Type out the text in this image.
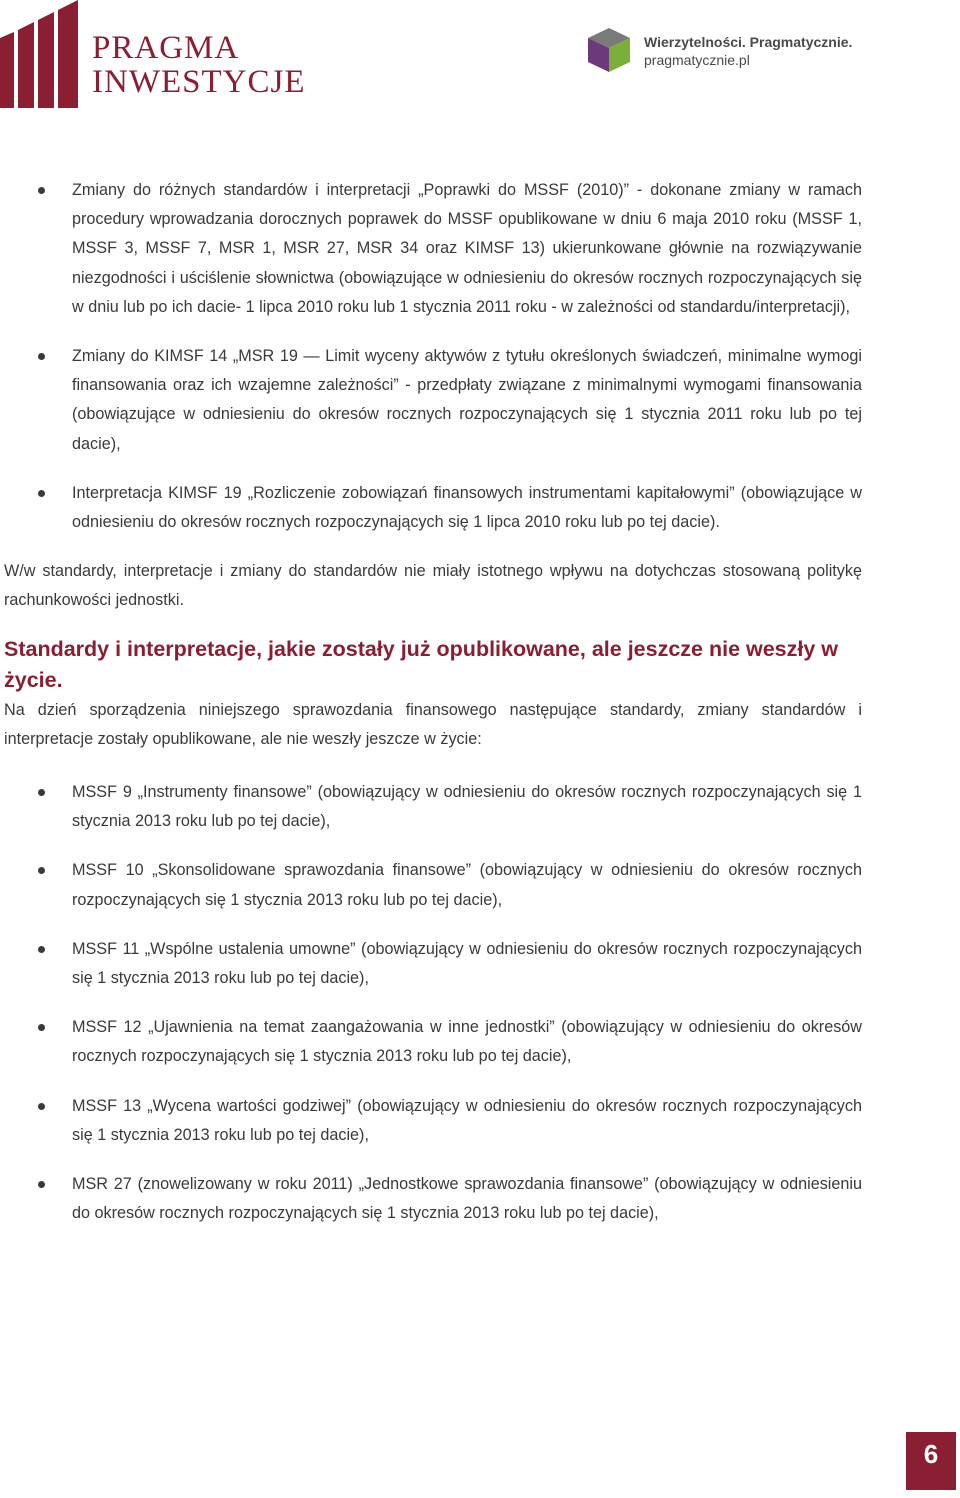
PRAGMA
INWESTYCJE
Wierzytelności. Pragmatycznie.
pragmatycznie.pl
Zmiany do różnych standardów i interpretacji „Poprawki do MSSF (2010)” - dokonane zmiany w ramach procedury wprowadzania dorocznych poprawek do MSSF opublikowane w dniu 6 maja 2010 roku (MSSF 1, MSSF 3, MSSF 7, MSR 1, MSR 27, MSR 34 oraz KIMSF 13) ukierunkowane głównie na rozwiązywanie niezgodności i uściślenie słownictwa (obowiązujące w odniesieniu do okresów rocznych rozpoczynających się w dniu lub po ich dacie- 1 lipca 2010 roku lub 1 stycznia 2011 roku - w zależności od standardu/interpretacji),
Zmiany do KIMSF 14 „MSR 19 — Limit wyceny aktywów z tytułu określonych świadczeń, minimalne wymogi finansowania oraz ich wzajemne zależności” - przedpłaty związane z minimalnymi wymogami finansowania (obowiązujące w odniesieniu do okresów rocznych rozpoczynających się 1 stycznia 2011 roku lub po tej dacie),
Interpretacja KIMSF 19 „Rozliczenie zobowiązań finansowych instrumentami kapitałowymi” (obowiązujące w odniesieniu do okresów rocznych rozpoczynających się 1 lipca 2010 roku lub po tej dacie).

W/w standardy, interpretacje i zmiany do standardów nie miały istotnego wpływu na dotychczas stosowaną politykę rachunkowości jednostki.

Standardy i interpretacje, jakie zostały już opublikowane, ale jeszcze nie weszły w życie.

Na dzień sporządzenia niniejszego sprawozdania finansowego następujące standardy, zmiany standardów i interpretacje zostały opublikowane, ale nie weszły jeszcze w życie:

MSSF 9 „Instrumenty finansowe” (obowiązujący w odniesieniu do okresów rocznych rozpoczynających się 1 stycznia 2013 roku lub po tej dacie),
MSSF 10 „Skonsolidowane sprawozdania finansowe” (obowiązujący w odniesieniu do okresów rocznych rozpoczynających się 1 stycznia 2013 roku lub po tej dacie),
MSSF 11 „Wspólne ustalenia umowne” (obowiązujący w odniesieniu do okresów rocznych rozpoczynających się 1 stycznia 2013 roku lub po tej dacie),
MSSF 12 „Ujawnienia na temat zaangażowania w inne jednostki” (obowiązujący w odniesieniu do okresów rocznych rozpoczynających się 1 stycznia 2013 roku lub po tej dacie),
MSSF 13 „Wycena wartości godziwej” (obowiązujący w odniesieniu do okresów rocznych rozpoczynających się 1 stycznia 2013 roku lub po tej dacie),
MSR 27 (znowelizowany w roku 2011) „Jednostkowe sprawozdania finansowe” (obowiązujący w odniesieniu do okresów rocznych rozpoczynających się 1 stycznia 2013 roku lub po tej dacie),
6
